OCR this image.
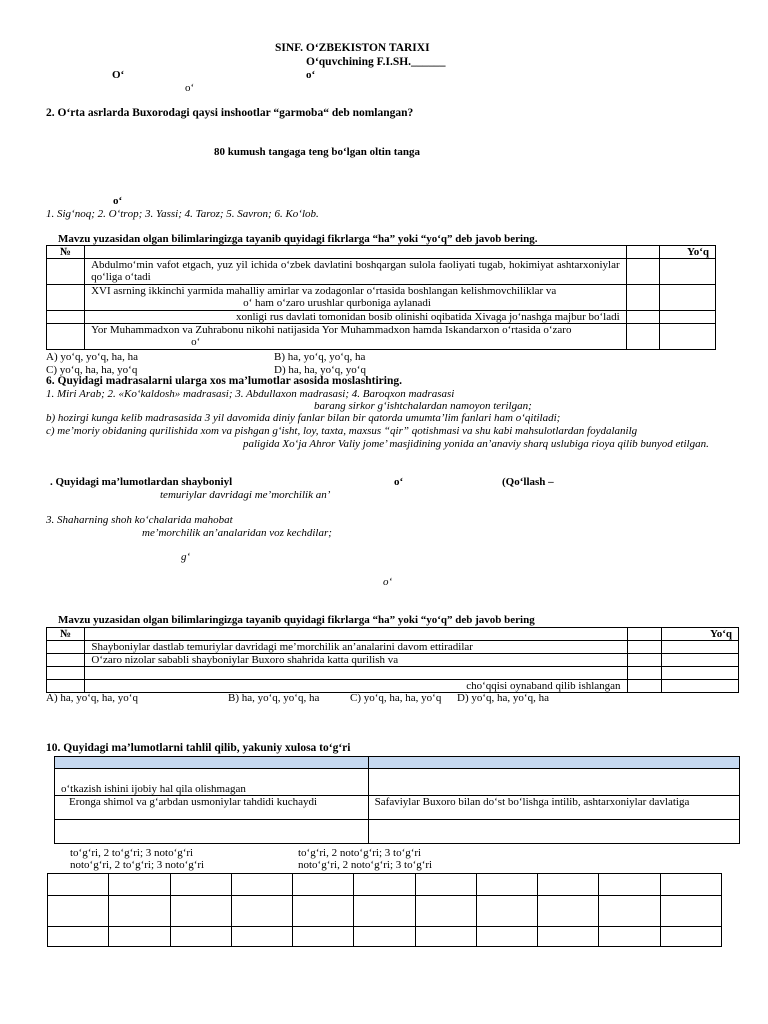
SINF. O‘ZBEKISTON TARIXI
O‘quvchining F.I.SH.______
O‘	o‘
o‘
2. O‘rta asrlarda Buxorodagi qaysi inshootlar “garmoba“ deb nomlangan?
80 kumush tangaga teng bo‘lgan oltin tanga
o‘
1. Sig‘noq; 2. O‘trор; 3. Yassi; 4. Taroz; 5. Savron; 6. Ko‘lob.
Mavzu yuzasidan olgan bilimlaringizga tayanib quyidagi fikrlarga “ha” yoki “yo‘q” deb javob bering.
№			Yo‘q
	Abdulmo‘min vafot etgach, yuz yil ichida o‘zbek davlatini boshqargan sulola faoliyati tugab, hokimiyat ashtarxoniylar qo‘liga o‘tadi		

	XVI asrning ikkinchi yarmida mahalliy amirlar va zodagonlar o‘rtasida boshlangan kelishmovchiliklar va
o‘ ham o‘zaro urushlar qurboniga aylanadi		

	xonligi rus davlati tomonidan bosib olinishi oqibatida Xivaga jo‘nashga majbur bo‘ladi		

	Yor Muhammadxon va Zuhrabonu nikohi natijasida Yor Muhammadxon hamda Iskandarxon o‘rtasida o‘zaro
o‘		

A) yo‘q, yo‘q, ha, ha	B) ha, yo‘q, yo‘q, ha
C) yo‘q, ha, ha, yo‘q	D) ha, ha, yo‘q, yo‘q
6. Quyidagi madrasalarni ularga xos ma’lumotlar asosida moslashtiring.
1. Miri Arab; 2. «Ko‘kaldosh» madrasasi; 3. Abdullaxon madrasasi; 4. Baroqxon madrasasi
barang sirkor g‘ishtchalardan namoyon terilgan;
b) hozirgi kunga kelib madrasasida 3 yil davomida diniy fanlar bilan bir qatorda umumta’lim fanlari ham o‘qitiladi;
c) me’moriy obidaning qurilishida xom va pishgan g‘isht, loy, taxta, maxsus “qir” qotishmasi va shu kabi mahsulotlardan foydalanilg
paligida Xo‘ja Ahror Valiy jome’ masjidining yonida an’anaviy sharq uslubiga rioya qilib bunyod etilgan.
. Quyidagi ma’lumotlardan shayboniyl	o‘	(Qo‘llash –
temuriylar davridagi me’morchilik an’
3. Shaharning shoh ko‘chalarida mahobat
me’morchilik an’analaridan voz kechdilar;
g‘
o‘
Mavzu yuzasidan olgan bilimlaringizga tayanib quyidagi fikrlarga “ha” yoki “yo‘q” deb javob bering
№			Yo‘q
	Shayboniylar dastlab temuriylar davridagi me’morchilik an’analarini davom ettiradilar		
	O‘zaro nizolar sababli shayboniylar Buxoro shahrida katta qurilish va		

	cho‘qqisi oynaband qilib ishlangan		
A) ha, yo‘q, ha, yo‘q	B) ha, yo‘q, yo‘q, ha	C) yo‘q, ha, ha, yo‘q D) yo‘q, ha, yo‘q, ha
10. Quyidagi ma’lumotlarni tahlil qilib, yakuniy xulosa to‘g‘ri

o‘tkazish ishini ijobiy hal qila olishmagan	
Eronga shimol va g‘arbdan usmoniylar tahdidi kuchaydi	Safaviylar Buxoro bilan do‘st bo‘lishga intilib, ashtarxoniylar davlatiga

to‘g‘ri, 2 to‘g‘ri; 3 noto‘g‘ri
noto‘g‘ri, 2 to‘g‘ri; 3 noto‘g‘ri
to‘g‘ri, 2 noto‘g‘ri; 3 to‘g‘ri
noto‘g‘ri, 2 noto‘g‘ri; 3 to‘g‘ri
